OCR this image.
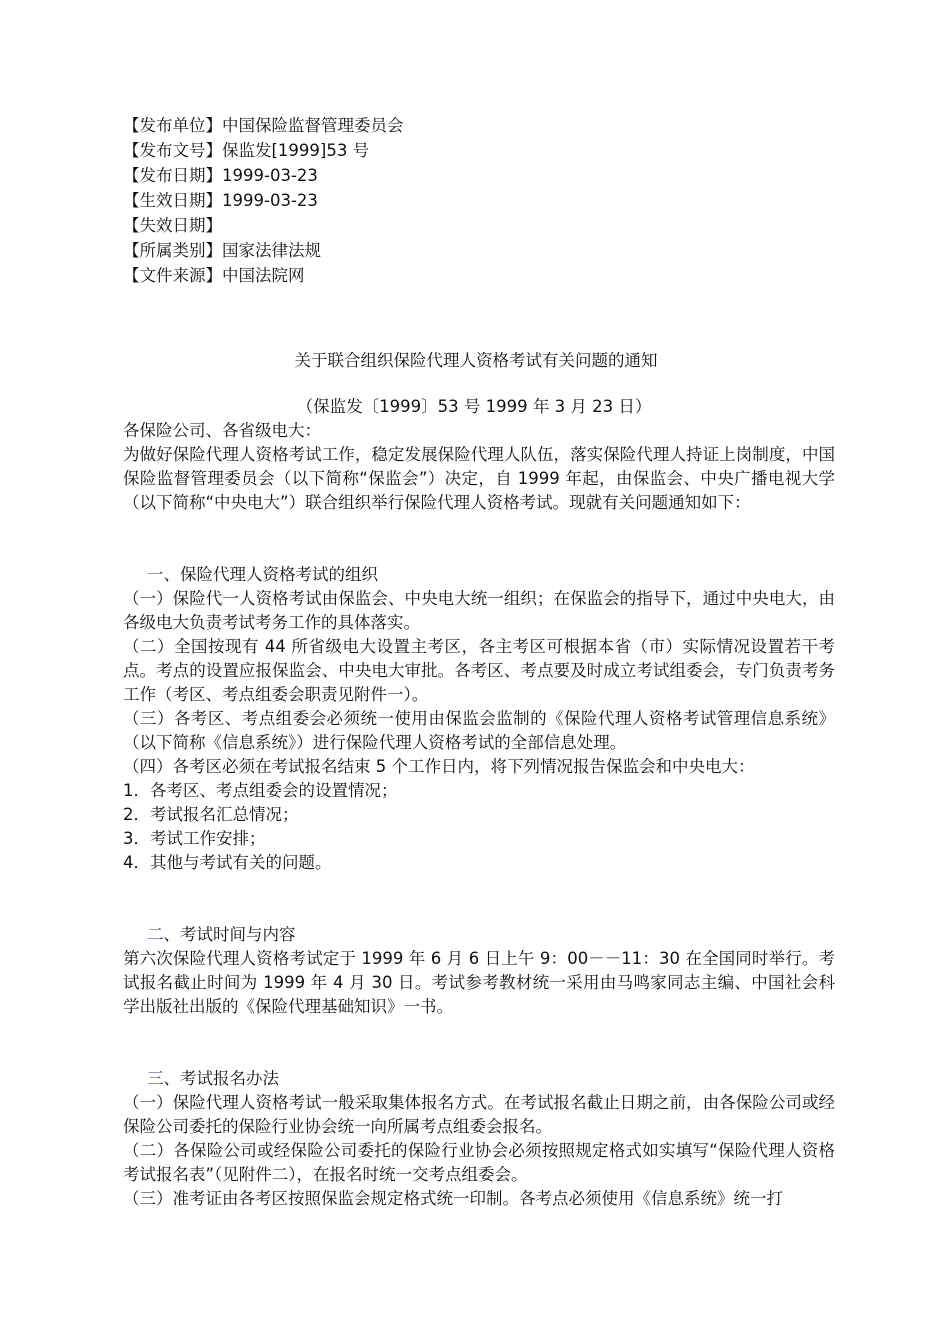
【发布单位】中国保险监督管理委员会
【发布文号】保监发[1999]53 号
【发布日期】1999-03-23
【生效日期】1999-03-23
【失效日期】
【所属类别】国家法律法规
【文件来源】中国法院网
关于联合组织保险代理人资格考试有关问题的通知
（保监发〔1999〕53 号 1999 年 3 月 23 日）
各保险公司、各省级电大：
为做好保险代理人资格考试工作，稳定发展保险代理人队伍，落实保险代理人持证上岗制度，中国保险监督管理委员会（以下简称“保监会”）决定，自 1999 年起，由保监会、中央广播电视大学（以下简称“中央电大”）联合组织举行保险代理人资格考试。现就有关问题通知如下：
一、保险代理人资格考试的组织
（一）保险代一人资格考试由保监会、中央电大统一组织；在保监会的指导下，通过中央电大，由各级电大负责考试考务工作的具体落实。
（二）全国按现有 44 所省级电大设置主考区，各主考区可根据本省（市）实际情况设置若干考点。考点的设置应报保监会、中央电大审批。各考区、考点要及时成立考试组委会，专门负责考务工作（考区、考点组委会职责见附件一）。
（三）各考区、考点组委会必须统一使用由保监会监制的《保险代理人资格考试管理信息系统》（以下简称《信息系统》）进行保险代理人资格考试的全部信息处理。
（四）各考区必须在考试报名结束 5 个工作日内，将下列情况报告保监会和中央电大：
1．各考区、考点组委会的设置情况；
2．考试报名汇总情况；
3．考试工作安排；
4．其他与考试有关的问题。
二、考试时间与内容
第六次保险代理人资格考试定于 1999 年 6 月 6 日上午 9：00－－11：30 在全国同时举行。考试报名截止时间为 1999 年 4 月 30 日。考试参考教材统一采用由马鸣家同志主编、中国社会科学出版社出版的《保险代理基础知识》一书。
三、考试报名办法
（一）保险代理人资格考试一般采取集体报名方式。在考试报名截止日期之前，由各保险公司或经保险公司委托的保险行业协会统一向所属考点组委会报名。
（二）各保险公司或经保险公司委托的保险行业协会必须按照规定格式如实填写“保险代理人资格考试报名表”（见附件二），在报名时统一交考点组委会。
（三）准考证由各考区按照保监会规定格式统一印制。各考点必须使用《信息系统》统一打
